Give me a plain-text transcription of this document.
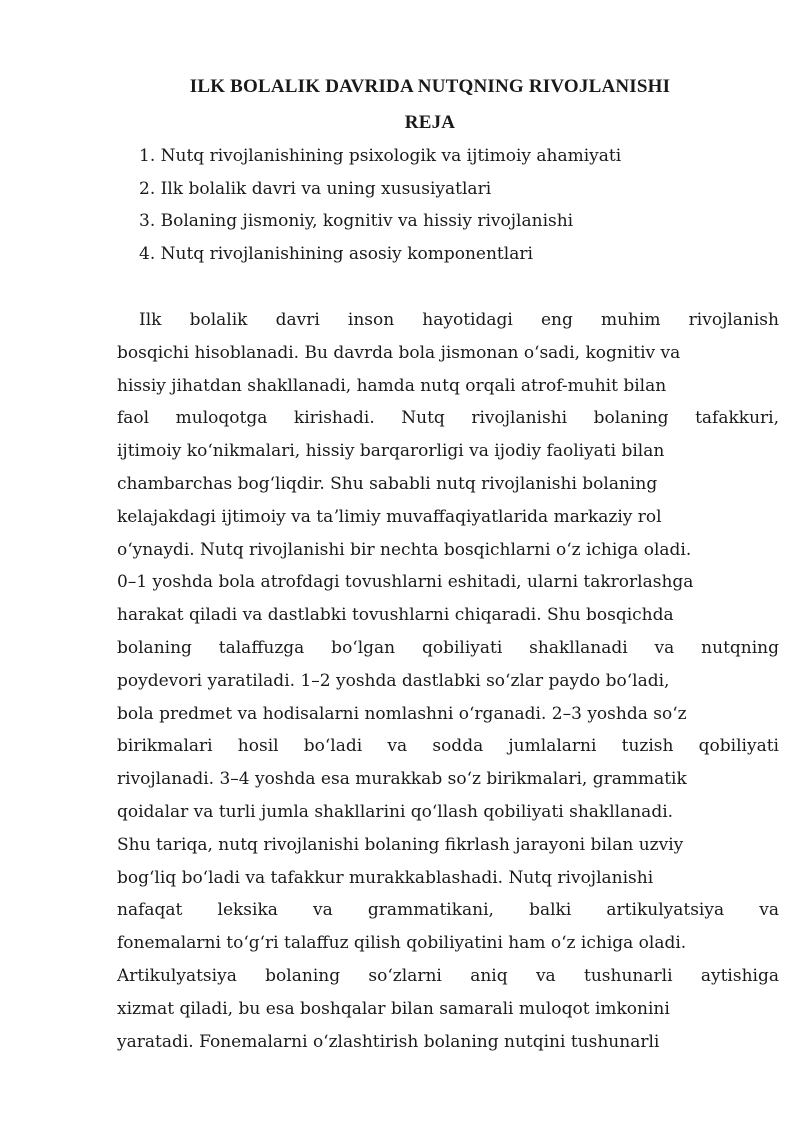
ILK BOLALIK DAVRIDA NUTQNING RIVOJLANISHI
REJA
1. Nutq rivojlanishining psixologik va ijtimoiy ahamiyati
2. Ilk bolalik davri va uning xususiyatlari
3. Bolaning jismoniy, kognitiv va hissiy rivojlanishi
4. Nutq rivojlanishining asosiy komponentlari
Ilk bolalik davri inson hayotidagi eng muhim rivojlanish
bosqichi hisoblanadi. Bu davrda bola jismonan oʻsadi, kognitiv va
hissiy jihatdan shakllanadi, hamda nutq orqali atrof-muhit bilan
faol muloqotga kirishadi. Nutq rivojlanishi bolaning tafakkuri,
ijtimoiy koʻnikmalari, hissiy barqarorligi va ijodiy faoliyati bilan
chambarchas bogʻliqdir. Shu sababli nutq rivojlanishi bolaning
kelajakdagi ijtimoiy va taʼlimiy muvaffaqiyatlarida markaziy rol
oʻynaydi. Nutq rivojlanishi bir nechta bosqichlarni oʻz ichiga oladi.
0–1 yoshda bola atrofdagi tovushlarni eshitadi, ularni takrorlashga
harakat qiladi va dastlabki tovushlarni chiqaradi. Shu bosqichda
bolaning talaffuzga boʻlgan qobiliyati shakllanadi va nutqning
poydevori yaratiladi. 1–2 yoshda dastlabki soʻzlar paydo boʻladi,
bola predmet va hodisalarni nomlashni oʻrganadi. 2–3 yoshda soʻz
birikmalari hosil boʻladi va sodda jumlalarni tuzish qobiliyati
rivojlanadi. 3–4 yoshda esa murakkab soʻz birikmalari, grammatik
qoidalar va turli jumla shakllarini qoʻllash qobiliyati shakllanadi.
Shu tariqa, nutq rivojlanishi bolaning fikrlash jarayoni bilan uzviy
bogʻliq boʻladi va tafakkur murakkablashadi. Nutq rivojlanishi
nafaqat leksika va grammatikani, balki artikulyatsiya va
fonemalarni toʻgʻri talaffuz qilish qobiliyatini ham oʻz ichiga oladi.
Artikulyatsiya bolaning soʻzlarni aniq va tushunarli aytishiga
xizmat qiladi, bu esa boshqalar bilan samarali muloqot imkonini
yaratadi. Fonemalarni oʻzlashtirish bolaning nutqini tushunarli
